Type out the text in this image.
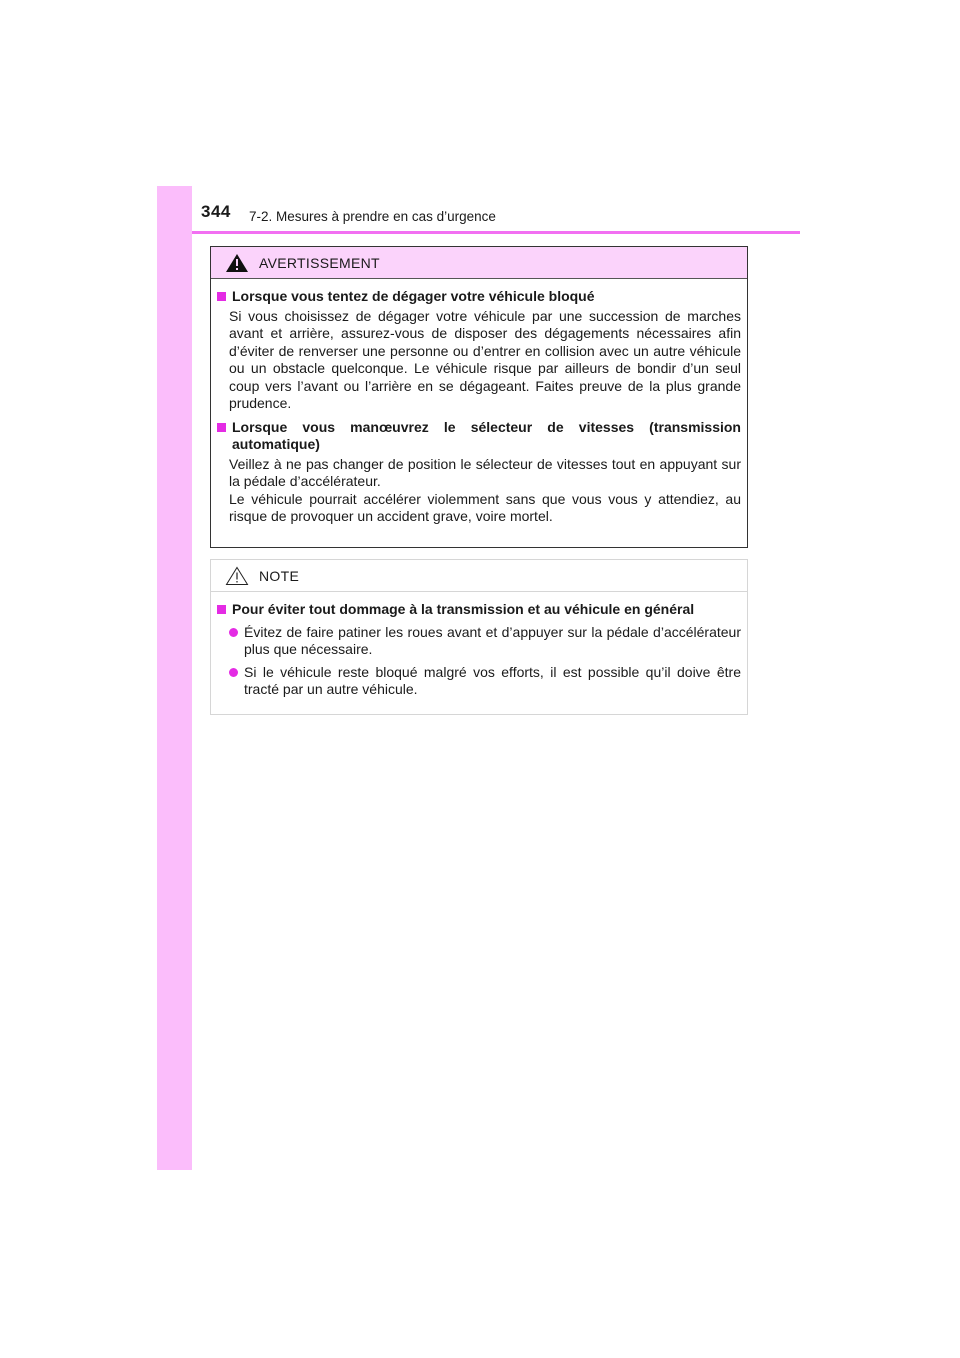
344 7-2. Mesures à prendre en cas d’urgence
AVERTISSEMENT
Lorsque vous tentez de dégager votre véhicule bloqué
Si vous choisissez de dégager votre véhicule par une succession de marches avant et arrière, assurez-vous de disposer des dégagements nécessaires afin d’éviter de renverser une personne ou d’entrer en collision avec un autre véhicule ou un obstacle quelconque. Le véhicule risque par ailleurs de bondir d’un seul coup vers l’avant ou l’arrière en se dégageant. Faites preuve de la plus grande prudence.
Lorsque vous manœuvrez le sélecteur de vitesses (transmission automatique)
Veillez à ne pas changer de position le sélecteur de vitesses tout en appuyant sur la pédale d’accélérateur.
Le véhicule pourrait accélérer violemment sans que vous vous y attendiez, au risque de provoquer un accident grave, voire mortel.
NOTE
Pour éviter tout dommage à la transmission et au véhicule en général
Évitez de faire patiner les roues avant et d’appuyer sur la pédale d’accélérateur plus que nécessaire.
Si le véhicule reste bloqué malgré vos efforts, il est possible qu’il doive être tracté par un autre véhicule.
